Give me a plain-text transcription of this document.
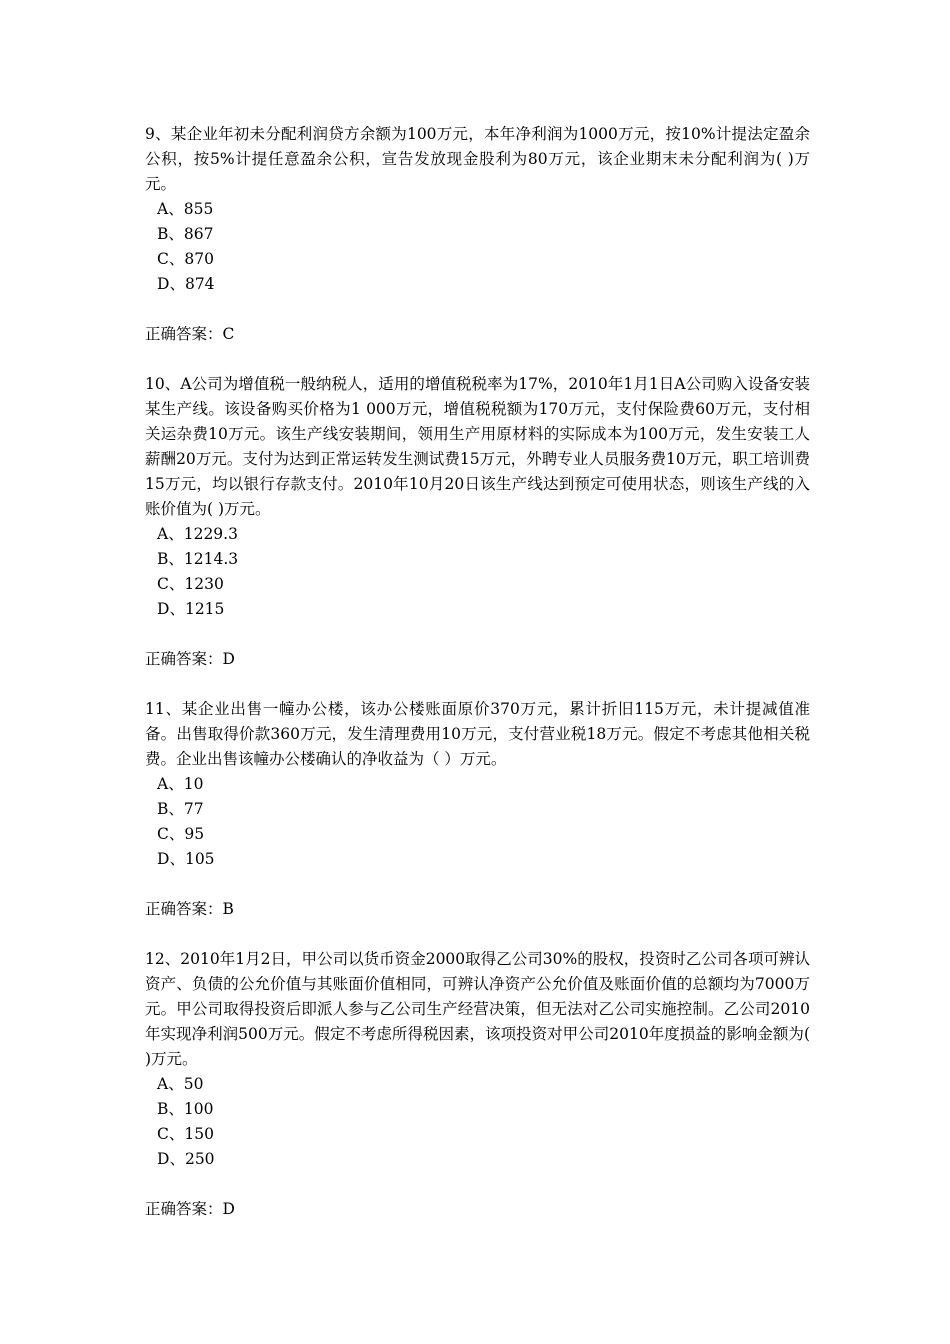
9、某企业年初未分配利润贷方余额为100万元，本年净利润为1000万元，按10%计提法定盈余公积，按5%计提任意盈余公积，宣告发放现金股利为80万元，该企业期末未分配利润为( )万元。

A 、 855
B 、 867
C 、 870
D 、 874
正确答案：C

10、A公司为增值税一般纳税人，适用的增值税税率为17%，2010年1月1日A公司购入设备安装某生产线。该设备购买价格为1 000万元，增值税税额为170万元，支付保险费60万元，支付相关运杂费10万元。该生产线安装期间，领用生产用原材料的实际成本为100万元，发生安装工人薪酬20万元。支付为达到正常运转发生测试费15万元，外聘专业人员服务费10万元，职工培训费15万元，均以银行存款支付。2010年10月20日该生产线达到预定可使用状态，则该生产线的入账价值为( )万元。

A 、 1229.3
B 、 1214.3
C 、 1230
D 、 1215
正确答案：D

11、某企业出售一幢办公楼，该办公楼账面原价370万元，累计折旧115万元，未计提减值准备。出售取得价款360万元，发生清理费用10万元，支付营业税18万元。假定不考虑其他相关税费。企业出售该幢办公楼确认的净收益为（ ）万元。

A 、 10
B 、 77
C 、 95
D 、 105
正确答案：B

12、2010年1月2日，甲公司以货币资金2000取得乙公司30%的股权，投资时乙公司各项可辨认资产、负债的公允价值与其账面价值相同，可辨认净资产公允价值及账面价值的总额均为7000万元。甲公司取得投资后即派人参与乙公司生产经营决策，但无法对乙公司实施控制。乙公司2010年实现净利润500万元。假定不考虑所得税因素，该项投资对甲公司2010年度损益的影响金额为( )万元。

A 、 50
B 、 100
C 、 150
D 、 250
正确答案：D
